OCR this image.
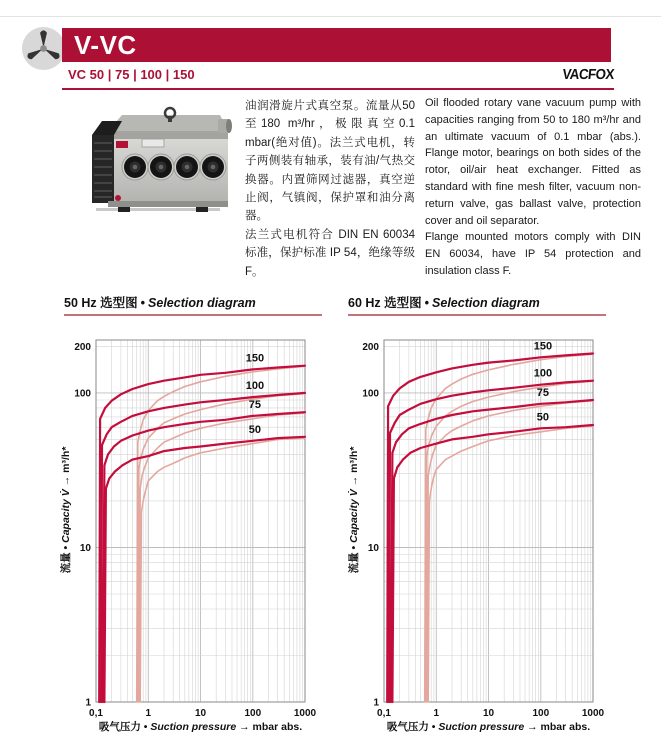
V-VC
VC 50 | 75 | 100 | 150	VACFOX

油润滑旋片式真空泵。流量从50至180 m³/hr，极限真空0.1 mbar(绝对值)。法兰式电机，转子两侧装有轴承，装有油/气热交换器。内置筛网过滤器，真空逆止阀，气镇阀，保护罩和油分离器。

法兰式电机符合 DIN EN 60034 标准，保护标准 IP 54，绝缘等级 F。

Oil flooded rotary vane vacuum pump with capacities ranging from 50 to 180 m³/hr and an ultimate vacuum of 0.1 mbar (abs.). Flange motor, bearings on both sides of the rotor, oil/air heat exchanger. Fitted as standard with fine mesh filter, vacuum non-return valve, gas ballast valve, protection cover and oil separator.

Flange mounted motors comply with DIN EN 60034, have IP 54 protection and insulation class F.

50 Hz 选型图 • Selection diagram	60 Hz 选型图 • Selection diagram
0,1	1	10	100	1000
200
100
10
1
150
100
75
50
吸气压力 • Suction pressure → mbar abs.
流量 • Capacity V̇ → m³/h*
0,1	1	10	100	1000
200
100
10
1
150
100
75
50
吸气压力 • Suction pressure → mbar abs.
流量 • Capacity V̇ → m³/h*
